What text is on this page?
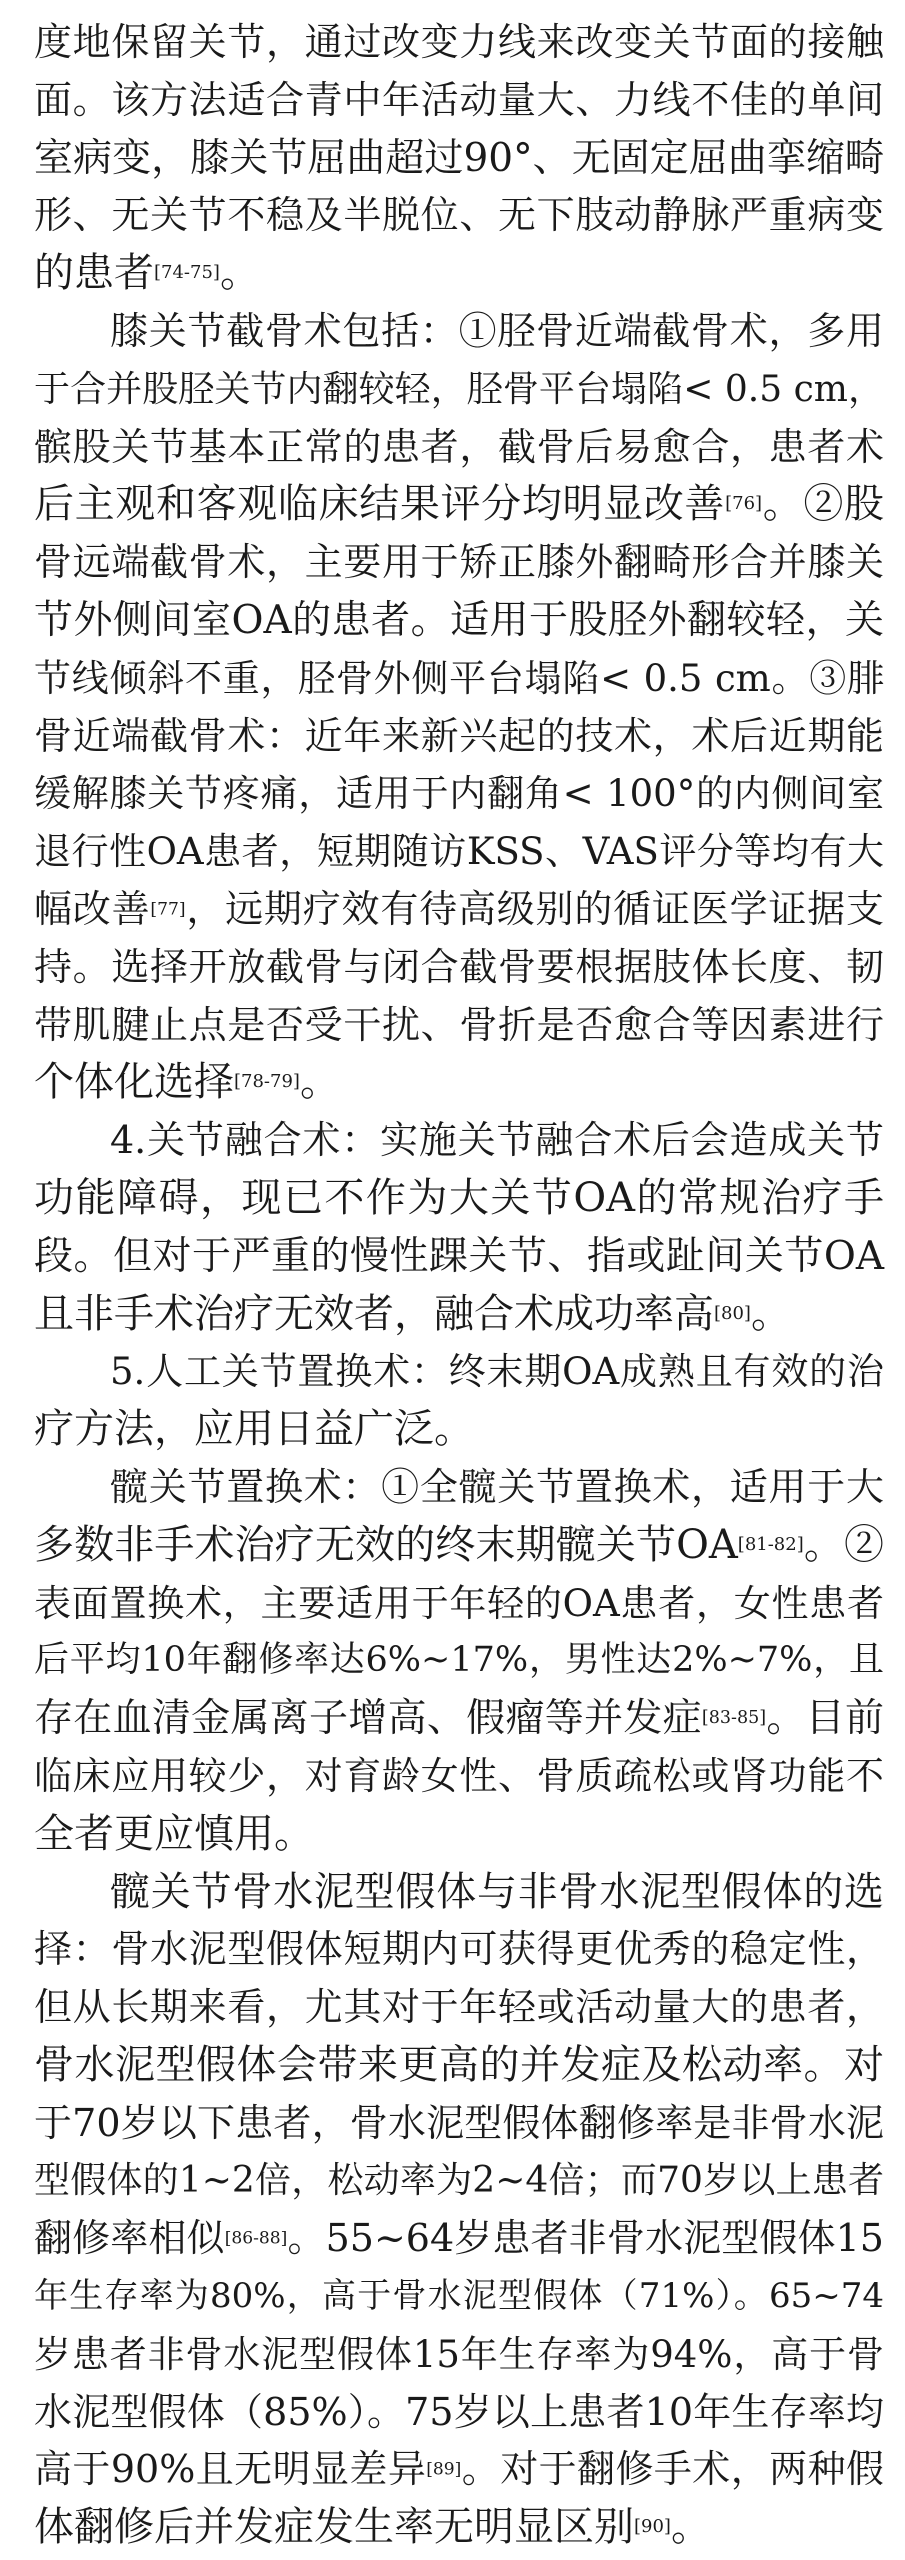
度地保留关节，通过改变力线来改变关节面的接触
面。该方法适合青中年活动量大、力线不佳的单间
室病变，膝关节屈曲超过90°、无固定屈曲挛缩畸
形、无关节不稳及半脱位、无下肢动静脉严重病变
的患者[74-75]。
膝关节截骨术包括：①胫骨近端截骨术，多用
于合并股胫关节内翻较轻，胫骨平台塌陷< 0.5 cm，
髌股关节基本正常的患者，截骨后易愈合，患者术
后主观和客观临床结果评分均明显改善[76]。②股
骨远端截骨术，主要用于矫正膝外翻畸形合并膝关
节外侧间室OA的患者。适用于股胫外翻较轻，关
节线倾斜不重，胫骨外侧平台塌陷< 0.5 cm。③腓
骨近端截骨术：近年来新兴起的技术，术后近期能
缓解膝关节疼痛，适用于内翻角< 100°的内侧间室
退行性OA患者，短期随访KSS、VAS评分等均有大
幅改善[77]，远期疗效有待高级别的循证医学证据支
持。选择开放截骨与闭合截骨要根据肢体长度、韧
带肌腱止点是否受干扰、骨折是否愈合等因素进行
个体化选择[78-79]。
4.关节融合术：实施关节融合术后会造成关节
功能障碍，现已不作为大关节OA的常规治疗手
段。但对于严重的慢性踝关节、指或趾间关节OA
且非手术治疗无效者，融合术成功率高[80]。
5.人工关节置换术：终末期OA成熟且有效的治
疗方法，应用日益广泛。
髋关节置换术：①全髋关节置换术，适用于大
多数非手术治疗无效的终末期髋关节OA[81-82]。②
表面置换术，主要适用于年轻的OA患者，女性患者
后平均10年翻修率达6%~17%，男性达2%~7%，且
存在血清金属离子增高、假瘤等并发症[83-85]。目前
临床应用较少，对育龄女性、骨质疏松或肾功能不
全者更应慎用。
髋关节骨水泥型假体与非骨水泥型假体的选
择：骨水泥型假体短期内可获得更优秀的稳定性，
但从长期来看，尤其对于年轻或活动量大的患者，
骨水泥型假体会带来更高的并发症及松动率。对
于70岁以下患者，骨水泥型假体翻修率是非骨水泥
型假体的1~2倍，松动率为2~4倍；而70岁以上患者
翻修率相似[86-88]。55~64岁患者非骨水泥型假体15
年生存率为80%，高于骨水泥型假体（71%）。65~74
岁患者非骨水泥型假体15年生存率为94%，高于骨
水泥型假体（85%）。75岁以上患者10年生存率均
高于90%且无明显差异[89]。对于翻修手术，两种假
体翻修后并发症发生率无明显区别[90]。
